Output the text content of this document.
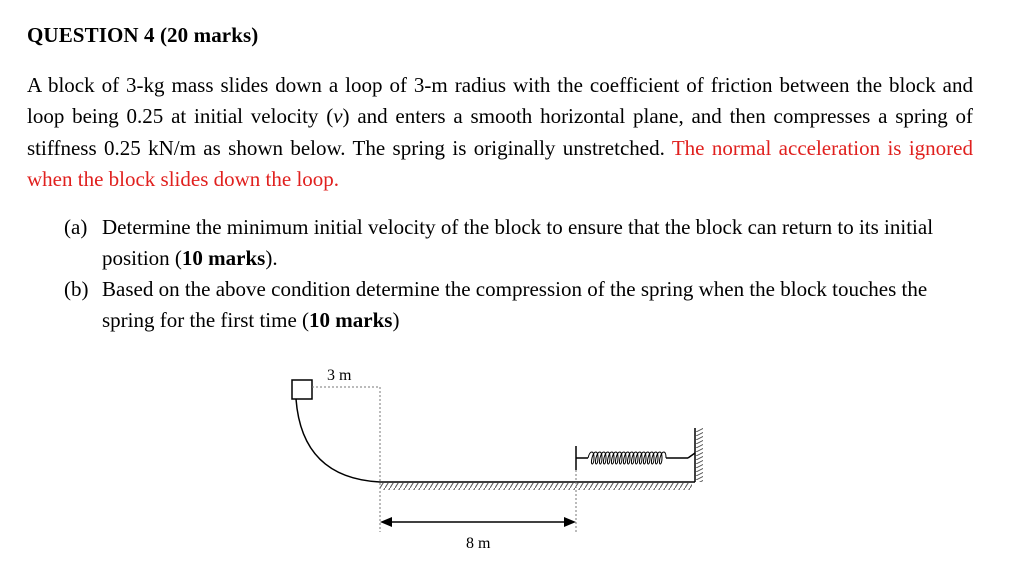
QUESTION 4 (20 marks)
A block of 3-kg mass slides down a loop of 3-m radius with the coefficient of friction between the block and loop being 0.25 at initial velocity (v) and enters a smooth horizontal plane, and then compresses a spring of stiffness 0.25 kN/m as shown below. The spring is originally unstretched. The normal acceleration is ignored when the block slides down the loop.
(a) Determine the minimum initial velocity of the block to ensure that the block can return to its initial position (10 marks).
(b) Based on the above condition determine the compression of the spring when the block touches the spring for the first time (10 marks)
3 m
8 m
